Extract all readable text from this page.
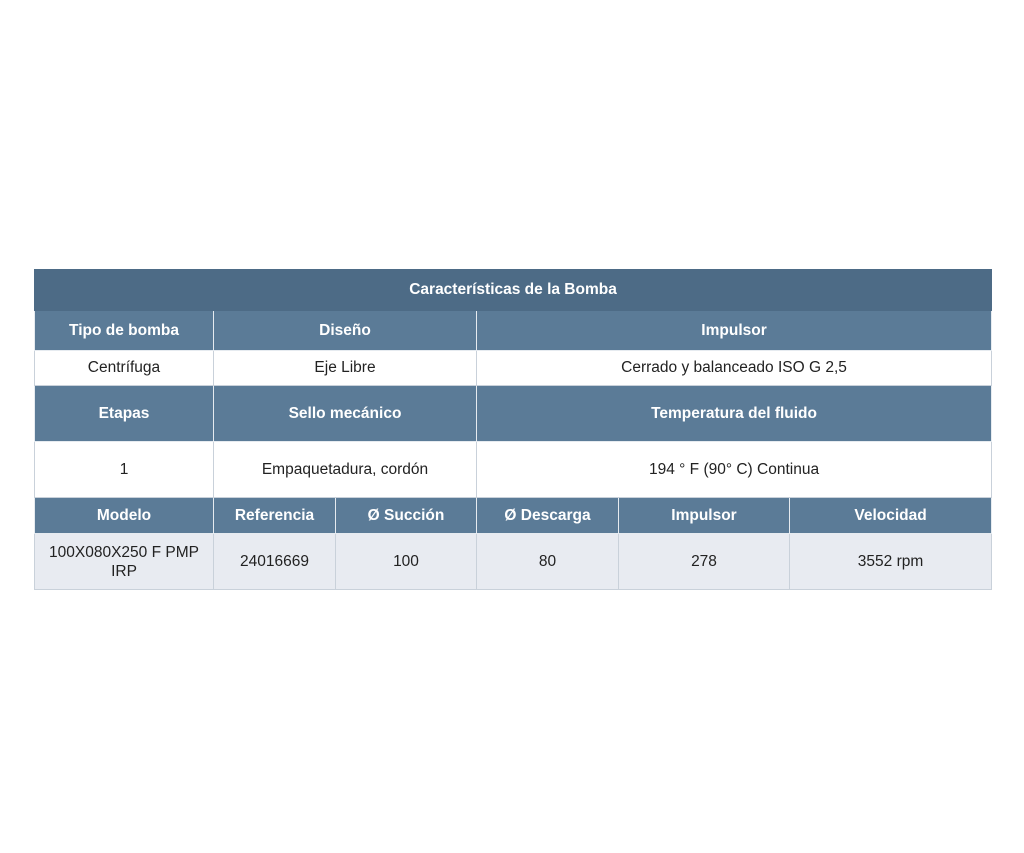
Características de la Bomba					
Tipo de bomba	Diseño		Impulsor		
Centrífuga	Eje Libre		Cerrado y balanceado ISO G 2,5		
Etapas	Sello mecánico		Temperatura del fluido		
1	Empaquetadura, cordón		194 ° F (90° C) Continua		
Modelo	Referencia	Ø Succión	Ø Descarga	Impulsor	Velocidad
100X080X250 F PMP IRP	24016669	100	80	278	3552 rpm
